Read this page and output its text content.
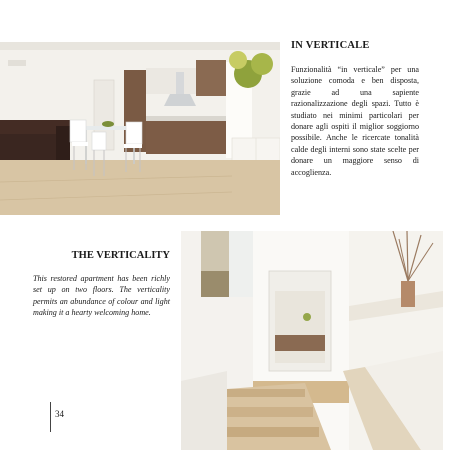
IN VERTICALE

Funzionalità “in verticale” per una soluzione comoda e ben disposta, grazie ad una sapiente razionalizzazione degli spazi. Tutto è studiato nei minimi particolari per donare agli ospiti il miglior soggiorno possibile. Anche le ricercate tonalità calde degli interni sono state scelte per donare un maggiore senso di accoglienza.

THE VERTICALITY

This restored apartment has been richly set up on two floors. The verticality permits an abundance of colour and light making it a hearty welcoming home.

34
